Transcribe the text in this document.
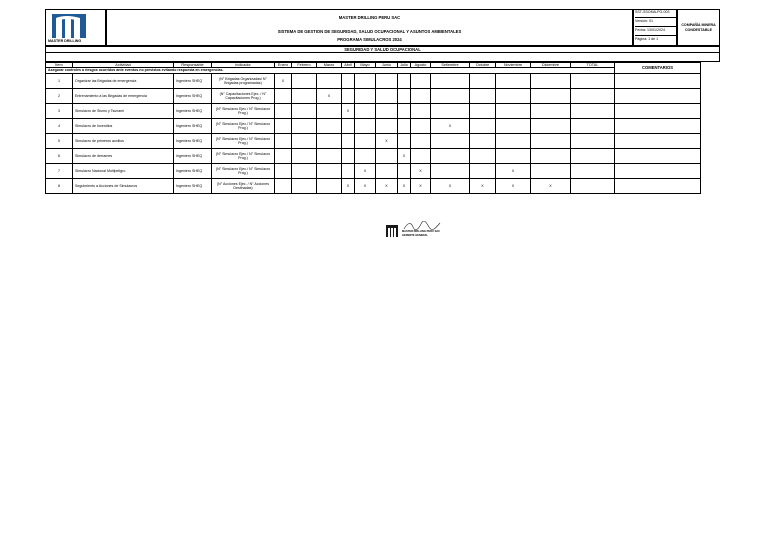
MASTER DRILLING
MASTER DRILLING PERU SAC
SISTEMA DE GESTION DE SEGURIDAD, SALUD OCUPACIONAL Y ASUNTOS AMBIENTALES
PROGRAMA SIMULACROS 2024
SST-SSOMA-PG-003
Versión: 01
Fecha: 13/01/2024
Página: 1 de 1
COMPAÑÍA MINERA CONDESTABLE
SEGURIDAD Y SALUD OCUPACIONAL
Ítem	Actividad	Responsable	Indicador	Enero	Febrero	Marzo	Abril	Mayo	Junio	Julio	Agosto	Setiembre	Octubre	Noviembre	Diciembre	TOTAL	COMENTARIOS
Asegurar controles a riesgos ocurridos ante eventos no previstos evitando respuesta en emergencias.																	
1	Organizar las Brigadas de emergencia	Ingeniero SHEQ	(N° Brigadas Organizadas/ N° Brigadas programadas)	X													
2	Entrenamiento a las Brigadas de emergencia	Ingeniero SHEQ	(N° Capacitaciones Ejec. / N° Capacitaciones Prog.)			X											
3	Simulacro de Sismo y Tsunami	Ingeniero SHEQ	(N° Simulacro Ejec./ N° Simulacro Prog.)				X										
4	Simulacro de Incendios	Ingeniero SHEQ	(N° Simulacro Ejec./ N° Simulacro Prog.)									X					
5	Simulacro de primeros auxilios	Ingeniero SHEQ	(N° Simulacro Ejec./ N° Simulacro Prog.)						X								
6	Simulacro de derrames	Ingeniero SHEQ	(N° Simulacro Ejec./ N° Simulacro Prog.)							X							
7	Simulacro Nacional Multipeligro	Ingeniero SHEQ	(N° Simulacro Ejec./ N° Simulacro Prog.)					X			X			X			
8	Seguimiento a Acciones de Simulacros	Ingeniero SHEQ	(N° Acciones Ejec. / N° Acciones Destinadas)				X	X	X	X	X	X	X	X	X		
MASTER DRILLING PERU SAC
GERENTE GENERAL
